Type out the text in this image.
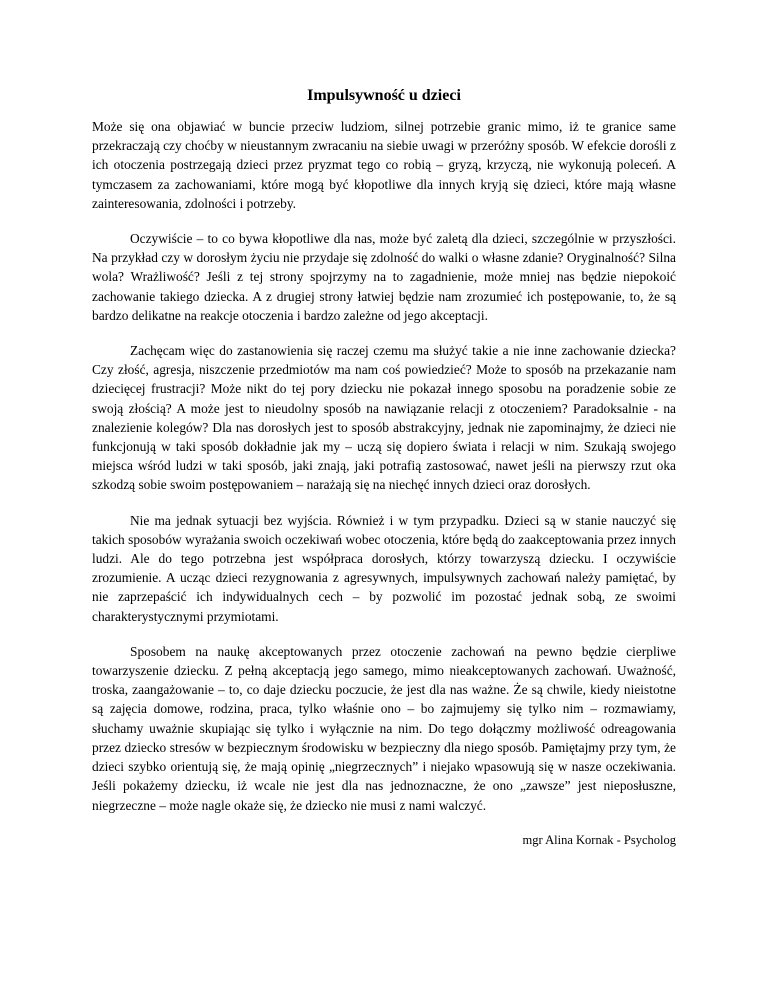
Impulsywność u dzieci

Może się ona objawiać w buncie przeciw ludziom, silnej potrzebie granic mimo, iż te granice same przekraczają czy choćby w nieustannym zwracaniu na siebie uwagi w przeróżny sposób. W efekcie dorośli z ich otoczenia postrzegają dzieci przez pryzmat tego co robią – gryzą, krzyczą, nie wykonują poleceń. A tymczasem za zachowaniami, które mogą być kłopotliwe dla innych kryją się dzieci, które mają własne zainteresowania, zdolności i potrzeby.

Oczywiście – to co bywa kłopotliwe dla nas, może być zaletą dla dzieci, szczególnie w przyszłości. Na przykład czy w dorosłym życiu nie przydaje się zdolność do walki o własne zdanie? Oryginalność? Silna wola? Wrażliwość? Jeśli z tej strony spojrzymy na to zagadnienie, może mniej nas będzie niepokoić zachowanie takiego dziecka. A z drugiej strony łatwiej będzie nam zrozumieć ich postępowanie, to, że są bardzo delikatne na reakcje otoczenia i bardzo zależne od jego akceptacji.

Zachęcam więc do zastanowienia się raczej czemu ma służyć takie a nie inne zachowanie dziecka? Czy złość, agresja, niszczenie przedmiotów ma nam coś powiedzieć? Może to sposób na przekazanie nam dziecięcej frustracji? Może nikt do tej pory dziecku nie pokazał innego sposobu na poradzenie sobie ze swoją złością? A może jest to nieudolny sposób na nawiązanie relacji z otoczeniem? Paradoksalnie - na znalezienie kolegów? Dla nas dorosłych jest to sposób abstrakcyjny, jednak nie zapominajmy, że dzieci nie funkcjonują w taki sposób dokładnie jak my – uczą się dopiero świata i relacji w nim. Szukają swojego miejsca wśród ludzi w taki sposób, jaki znają, jaki potrafią zastosować, nawet jeśli na pierwszy rzut oka szkodzą sobie swoim postępowaniem – narażają się na niechęć innych dzieci oraz dorosłych.

Nie ma jednak sytuacji bez wyjścia. Również i w tym przypadku. Dzieci są w stanie nauczyć się takich sposobów wyrażania swoich oczekiwań wobec otoczenia, które będą do zaakceptowania przez innych ludzi. Ale do tego potrzebna jest współpraca dorosłych, którzy towarzyszą dziecku. I oczywiście zrozumienie. A ucząc dzieci rezygnowania z agresywnych, impulsywnych zachowań należy pamiętać, by nie zaprzepaścić ich indywidualnych cech – by pozwolić im pozostać jednak sobą, ze swoimi charakterystycznymi przymiotami.

Sposobem na naukę akceptowanych przez otoczenie zachowań na pewno będzie cierpliwe towarzyszenie dziecku. Z pełną akceptacją jego samego, mimo nieakceptowanych zachowań. Uważność, troska, zaangażowanie – to, co daje dziecku poczucie, że jest dla nas ważne. Że są chwile, kiedy nieistotne są zajęcia domowe, rodzina, praca, tylko właśnie ono – bo zajmujemy się tylko nim – rozmawiamy, słuchamy uważnie skupiając się tylko i wyłącznie na nim. Do tego dołączmy możliwość odreagowania przez dziecko stresów w bezpiecznym środowisku w bezpieczny dla niego sposób. Pamiętajmy przy tym, że dzieci szybko orientują się, że mają opinię „niegrzecznych” i niejako wpasowują się w nasze oczekiwania. Jeśli pokażemy dziecku, iż wcale nie jest dla nas jednoznaczne, że ono „zawsze” jest nieposłuszne, niegrzeczne – może nagle okaże się, że dziecko nie musi z nami walczyć.

mgr Alina Kornak - Psycholog
